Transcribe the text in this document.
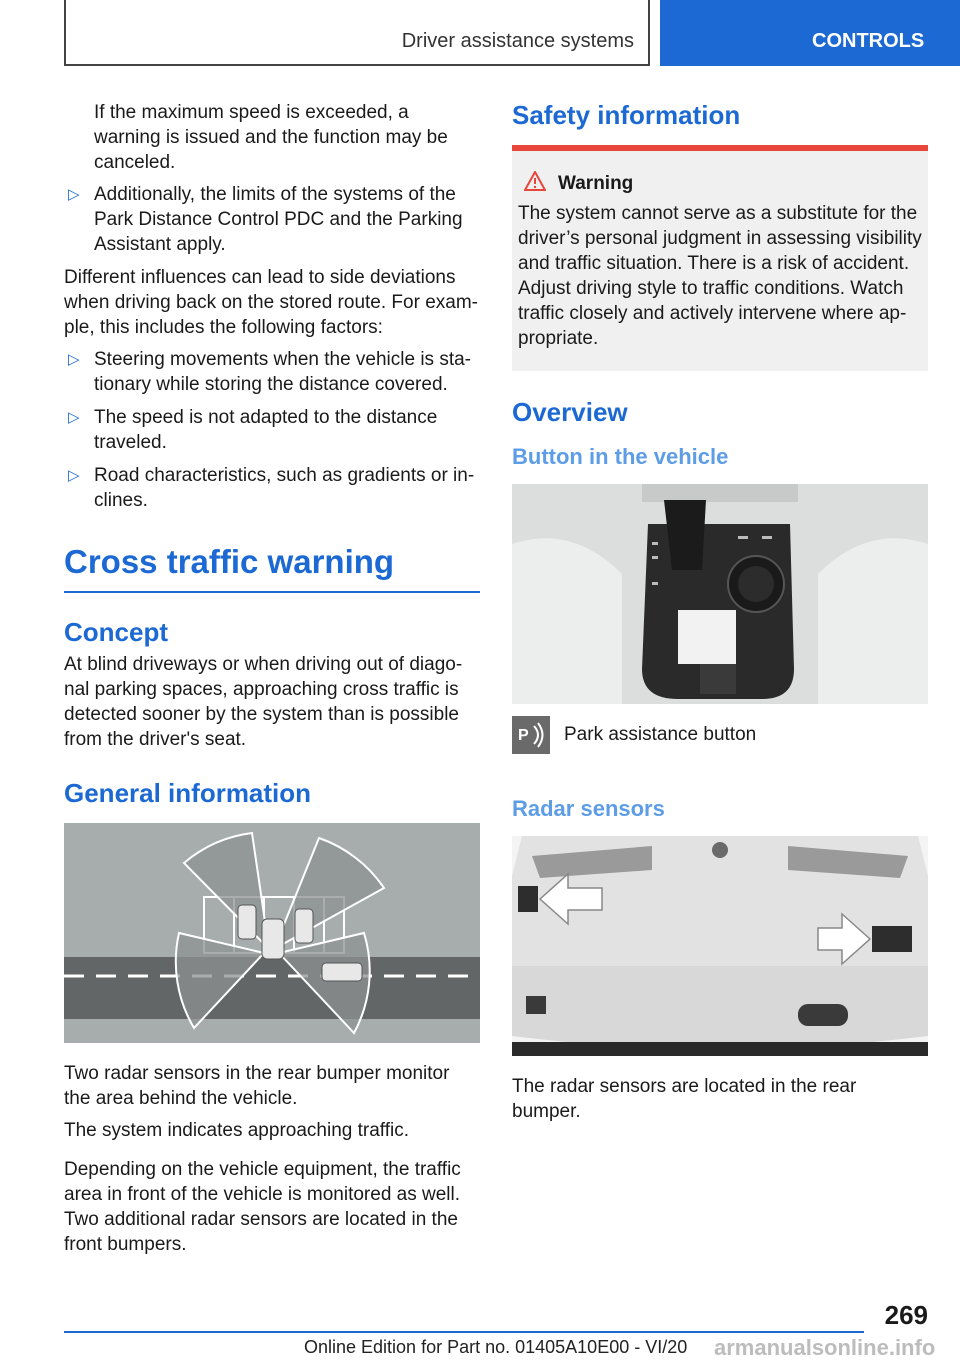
Driver assistance systems	CONTROLS

If the maximum speed is exceeded, a warning is issued and the function may be canceled.

▷ Additionally, the limits of the systems of the Park Distance Control PDC and the Parking Assistant apply.

Different influences can lead to side deviations when driving back on the stored route. For exam‐ple, this includes the following factors:

▷ Steering movements when the vehicle is sta‐tionary while storing the distance covered.
▷ The speed is not adapted to the distance traveled.
▷ Road characteristics, such as gradients or in‐clines.
Cross traffic warning
Concept

At blind driveways or when driving out of diago‐nal parking spaces, approaching cross traffic is detected sooner by the system than is possible from the driver's seat.

General information

Two radar sensors in the rear bumper monitor the area behind the vehicle.

The system indicates approaching traffic.

Depending on the vehicle equipment, the traffic area in front of the vehicle is monitored as well. Two additional radar sensors are located in the front bumpers.

Safety information
Warning

The system cannot serve as a substitute for the driver’s personal judgment in assessing visibility and traffic situation. There is a risk of accident. Adjust driving style to traffic conditions. Watch traffic closely and actively intervene where ap‐propriate.

Overview
Button in the vehicle
P Park assistance button
Radar sensors

The radar sensors are located in the rear bumper.

269
Online Edition for Part no. 01405A10E00 - VI/20 armanualsonline.info
